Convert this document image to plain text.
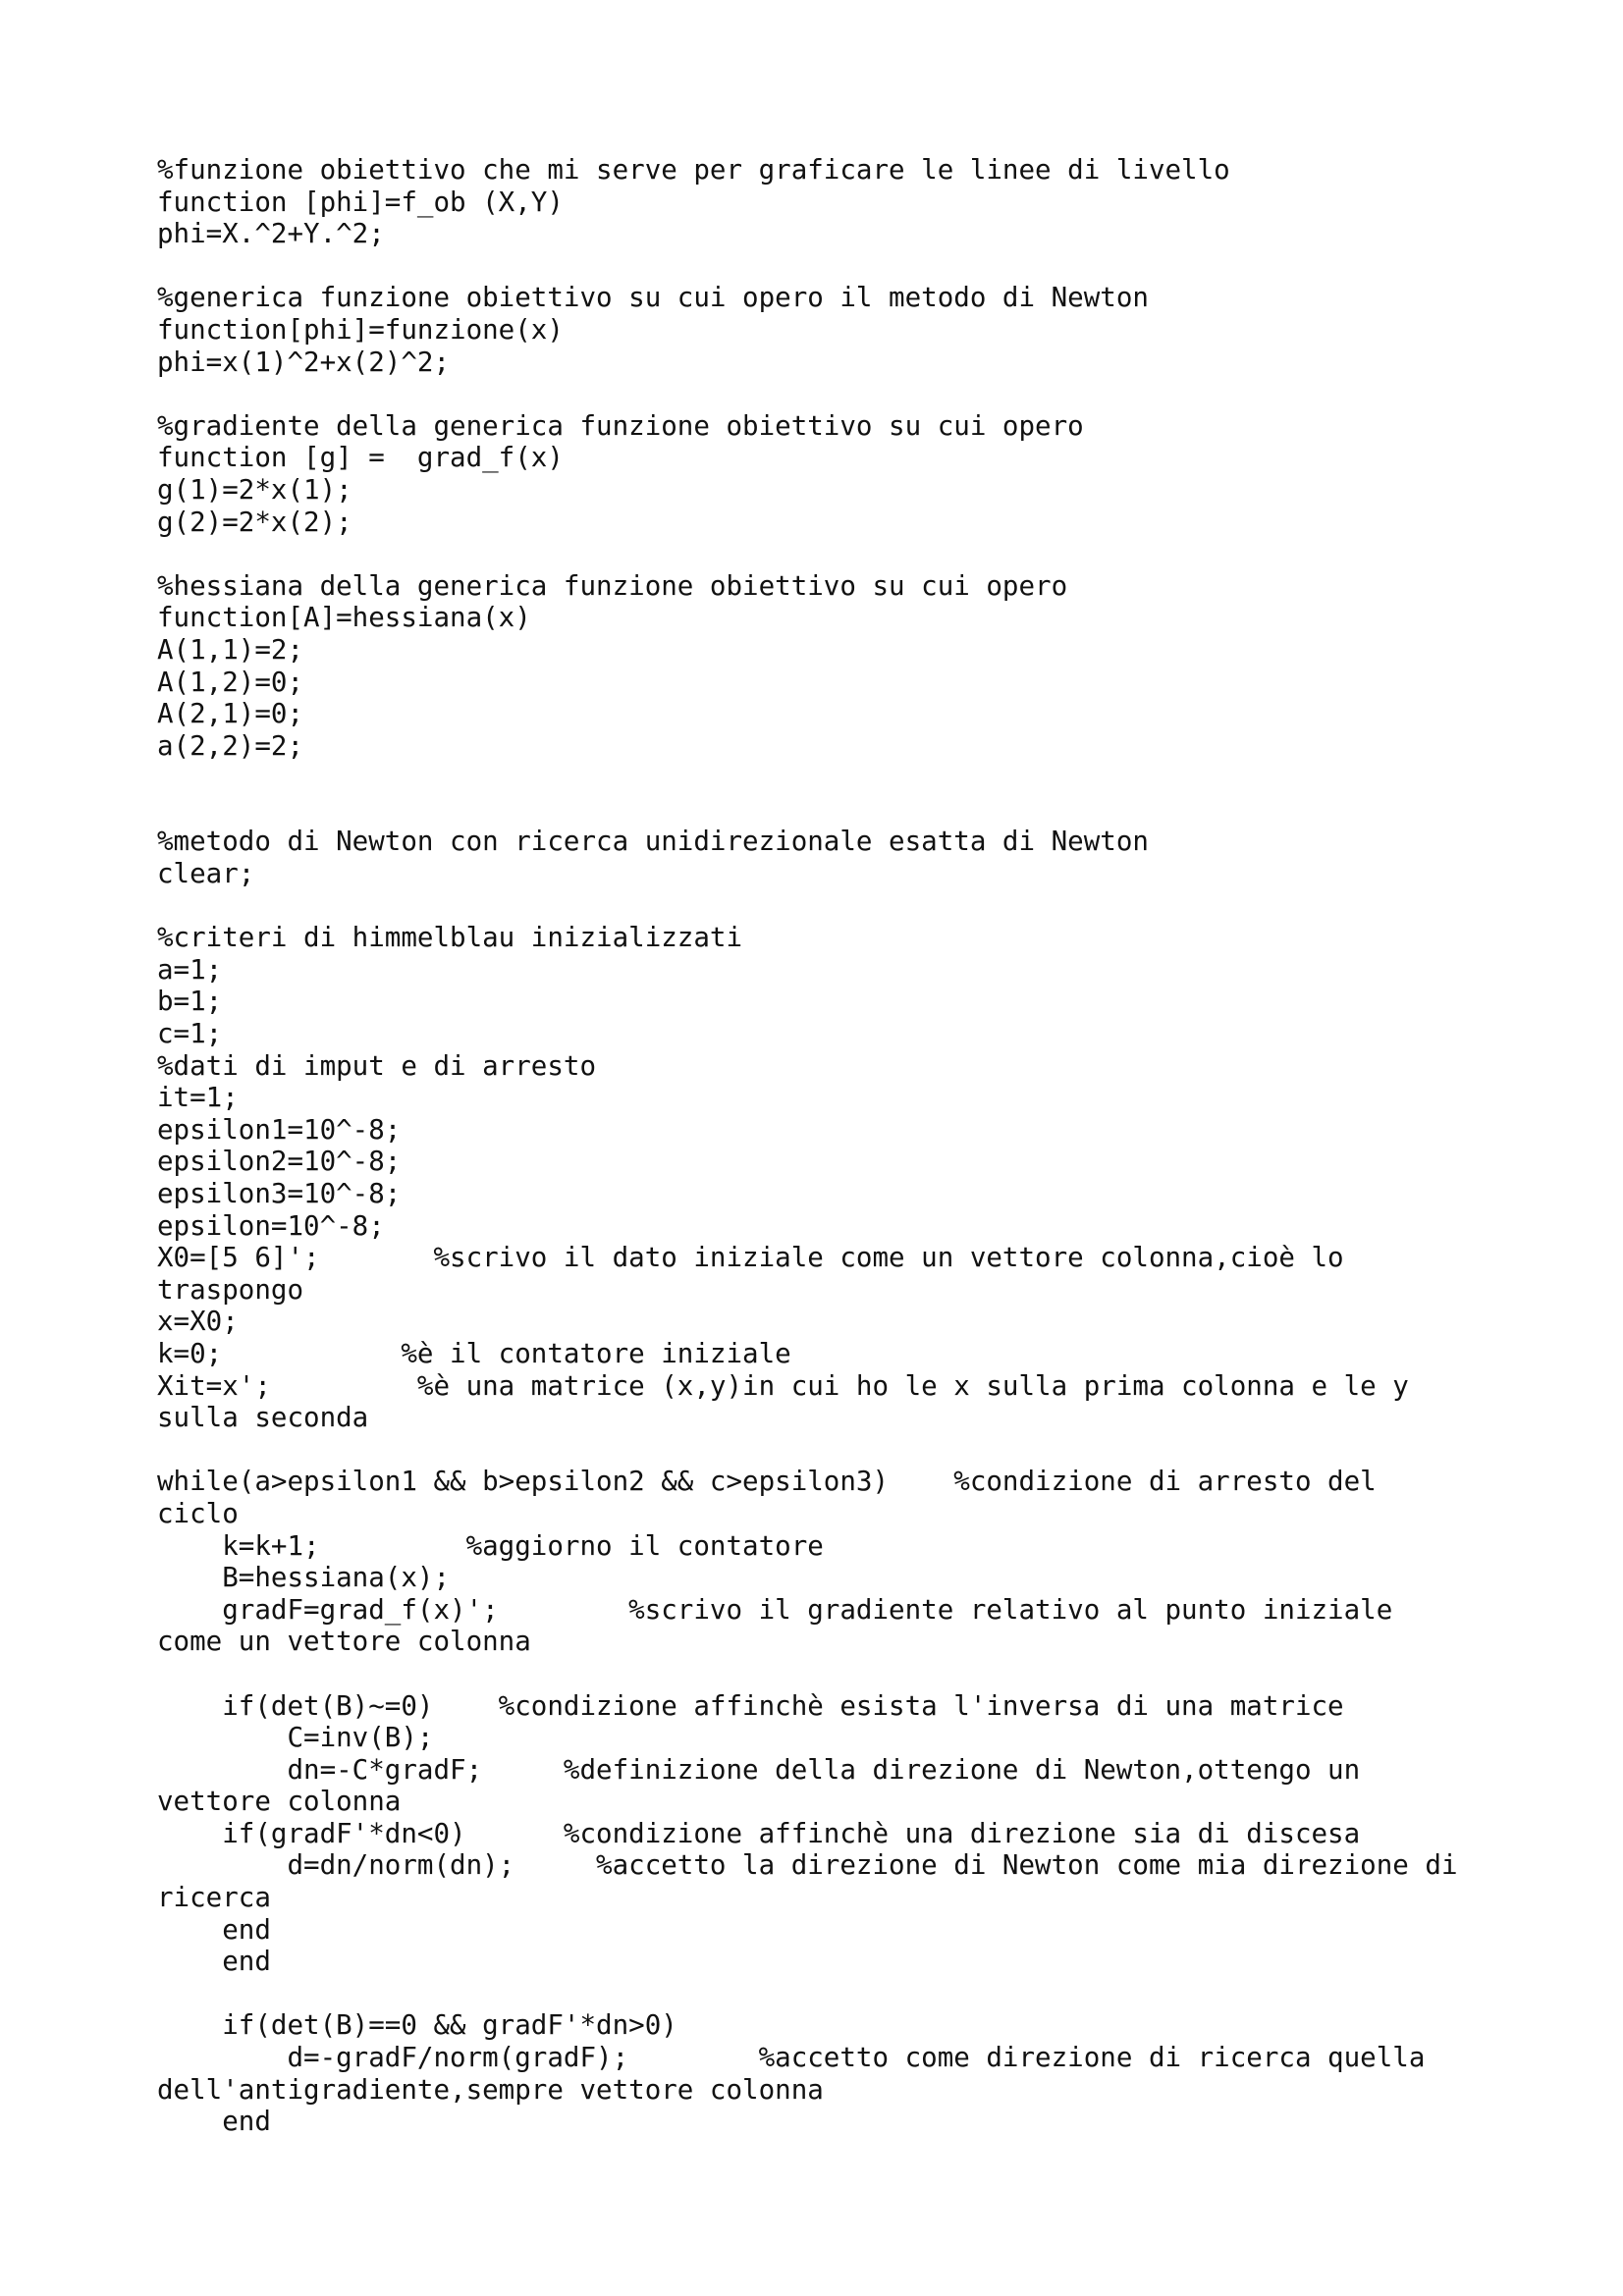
%funzione obiettivo che mi serve per graficare le linee di livello
function [phi]=f_ob (X,Y)
phi=X.^2+Y.^2;
%generica funzione obiettivo su cui opero il metodo di Newton
function[phi]=funzione(x)
phi=x(1)^2+x(2)^2;
%gradiente della generica funzione obiettivo su cui opero
function [g] =  grad_f(x)
g(1)=2*x(1);
g(2)=2*x(2);
%hessiana della generica funzione obiettivo su cui opero
function[A]=hessiana(x)
A(1,1)=2;
A(1,2)=0;
A(2,1)=0;
a(2,2)=2;
%metodo di Newton con ricerca unidirezionale esatta di Newton
clear;
%criteri di himmelblau inizializzati
a=1;
b=1;
c=1;
%dati di imput e di arresto
it=1;
epsilon1=10^-8;
epsilon2=10^-8;
epsilon3=10^-8;
epsilon=10^-8;
X0=[5 6]';       %scrivo il dato iniziale come un vettore colonna,cioè lo
traspongo
x=X0;
k=0;           %è il contatore iniziale
Xit=x';         %è una matrice (x,y)in cui ho le x sulla prima colonna e le y
sulla seconda
while(a>epsilon1 && b>epsilon2 && c>epsilon3)    %condizione di arresto del
ciclo
k=k+1;         %aggiorno il contatore
B=hessiana(x);
gradF=grad_f(x)';        %scrivo il gradiente relativo al punto iniziale
come un vettore colonna
if(det(B)~=0)    %condizione affinchè esista l'inversa di una matrice
C=inv(B);
dn=-C*gradF;     %definizione della direzione di Newton,ottengo un
vettore colonna
if(gradF'*dn<0)      %condizione affinchè una direzione sia di discesa
d=dn/norm(dn);     %accetto la direzione di Newton come mia direzione di
ricerca
end
end
if(det(B)==0 && gradF'*dn>0)
d=-gradF/norm(gradF);        %accetto come direzione di ricerca quella
dell'antigradiente,sempre vettore colonna
end
